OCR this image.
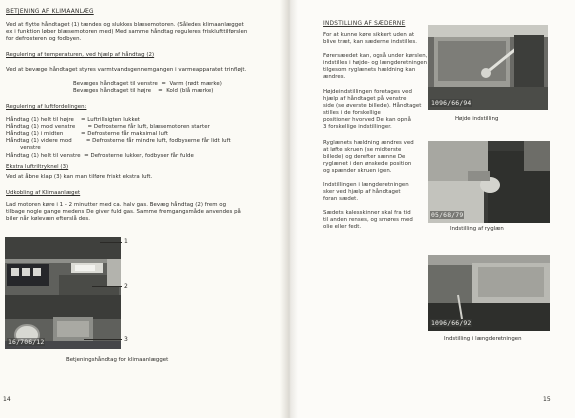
BETJENING AF KLIMAANLÆG
Ved at flytte håndtaget (1) tændes og slukkes blæsemotoren. (Således klimaanlægget
ex i funktion løber blæsemotoren med) Med samme håndtag reguleres frisklufttilførslen
for defrosteren og fodbyen.
Regulering af temperaturen, ved hjælp af håndtag (2)
Ved at bevæge håndtaget styres varmtvandsgennemgangen i varmeapparatet trinfløjt.
Bevæges håndtaget til venstre  =  Varm (rødt mærke)
Bevæges håndtaget til højre    =  Kold (blå mærke)
Regulering af luftfordelingen:
Håndtag (1) helt til højre    = Luftrillsigten lukket
Håndtag (1) mod venstre       = Defrosterne får luft, blæsemotoren starter
Håndtag (1) i midten          = Defrosterne får maksimal luft
Håndtag (1) videre mod        = Defrosterne får mindre luft, fodbyserne får lidt luft
venstre
Håndtag (1) helt til venstre  = Defrosterne lukker, fodbyser får fulde
Ekstra luftriltryknel (3)
Ved at åbne klap (3) kan man tilføre friskt ekstra luft.
Udkobling af Klimaanlæget
Lad motoren køre i 1 - 2 minutter med ca. halv gas. Bevæg håndtag (2) frem og
tilbage nogle gange medens De giver fuld gas. Samme fremgangsmåde anvendes på
biler når kølevæn efterslå des.
16/706/12
1
2
3
Betjeningshåndtag for klimaanlægget
14
INDSTILLING AF SÆDERNE
For at kunne køre sikkert uden at
blive træt, kan sæderne indstilles.
Førersæedet kan, også under kørslen,
indstilles i højde- og længderetningen
tilgesom ryglænets hældning kan
ændres.
Højdeindstillingen foretages ved
hjælp af håndtaget på venstre
side (se øverste billede). Håndtaget
stilles i de forskellige
positioner hvorved De kan opnå
3 forskellige indstillinger.
Ryglænets hældning ændres ved
at løfte skruen (se midterste
billede) og derefter sænne De
ryglænet i den ønskede position
og spænder skruen igen.
Indstillingen i længderetningen
sker ved hjælp af håndtaget
foran sædet.
Sædets kalesskinner skal fra tid
til anden renses, og smøres med
olie eller fedt.
1096/66/94
Højde indstilling
05/68/79
Indstilling af ryglæn
1096/66/92
Indstilling i længderetningen
15
